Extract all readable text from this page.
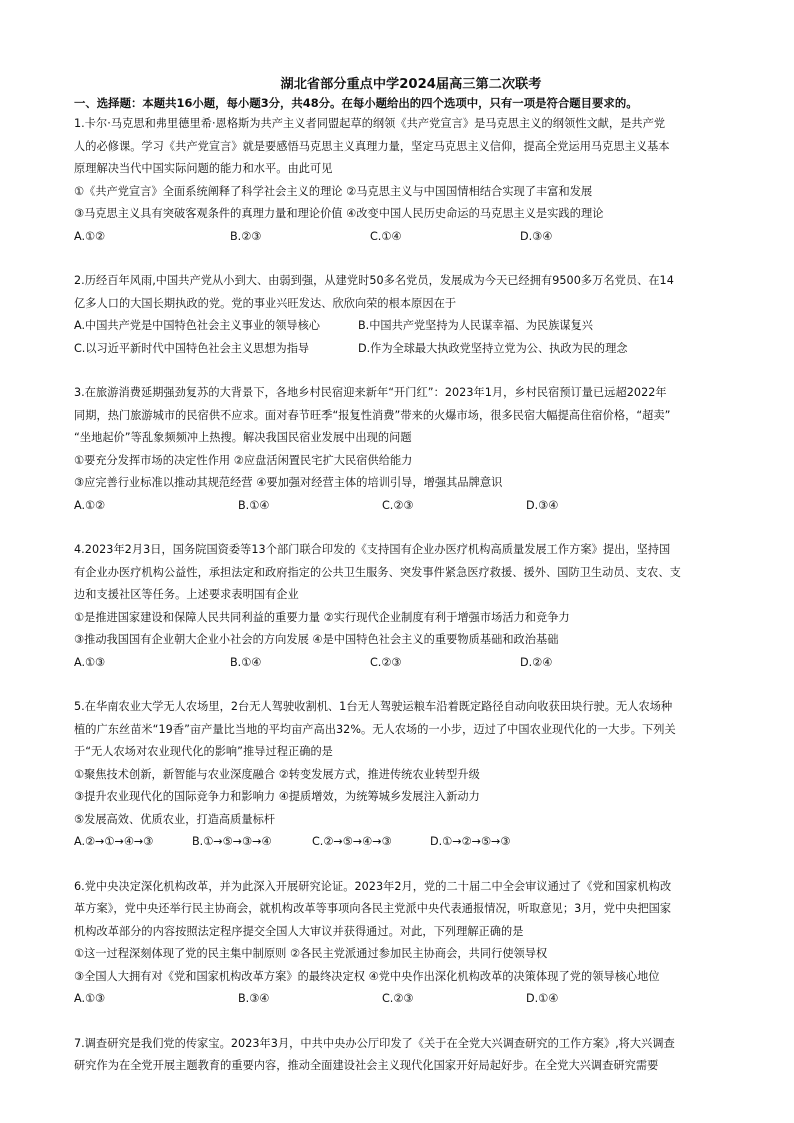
湖北省部分重点中学2024届高三第二次联考

一、选择题：本题共16小题，每小题3分，共48分。在每小题给出的四个选项中，只有一项是符合题目要求的。

1.卡尔·马克思和弗里德里希·恩格斯为共产主义者同盟起草的纲领《共产党宣言》是马克思主义的纲领性文献，是共产党

人的必修课。学习《共产党宣言》就是要感悟马克思主义真理力量，坚定马克思主义信仰，提高全党运用马克思主义基本

原理解决当代中国实际问题的能力和水平。由此可见

①《共产党宣言》全面系统阐释了科学社会主义的理论 ②马克思主义与中国国情相结合实现了丰富和发展

③马克思主义具有突破客观条件的真理力量和理论价值 ④改变中国人民历史命运的马克思主义是实践的理论

A.①②	B.②③	C.①④	D.③④

2.历经百年风雨,中国共产党从小到大、由弱到强，从建党时50多名党员，发展成为今天已经拥有9500多万名党员、在14

亿多人口的大国长期执政的党。党的事业兴旺发达、欣欣向荣的根本原因在于

A.中国共产党是中国特色社会主义事业的领导核心	B.中国共产党坚持为人民谋幸福、为民族谋复兴
C.以习近平新时代中国特色社会主义思想为指导	D.作为全球最大执政党坚持立党为公、执政为民的理念

3.在旅游消费延期强劲复苏的大背景下，各地乡村民宿迎来新年“开门红”：2023年1月，乡村民宿预订量已远超2022年

同期，热门旅游城市的民宿供不应求。面对春节旺季“报复性消费”带来的火爆市场，很多民宿大幅提高住宿价格，“超卖”

“坐地起价”等乱象频频冲上热搜。解决我国民宿业发展中出现的问题

①要充分发挥市场的决定性作用 ②应盘活闲置民宅扩大民宿供给能力

③应完善行业标准以推动其规范经营 ④要加强对经营主体的培训引导，增强其品牌意识

A.①②	B.①④	C.②③	D.③④

4.2023年2月3日，国务院国资委等13个部门联合印发的《支持国有企业办医疗机构高质量发展工作方案》提出，坚持国

有企业办医疗机构公益性，承担法定和政府指定的公共卫生服务、突发事件紧急医疗救援、援外、国防卫生动员、支农、支

边和支援社区等任务。上述要求表明国有企业

①是推进国家建设和保障人民共同利益的重要力量 ②实行现代企业制度有利于增强市场活力和竞争力

③推动我国国有企业朝大企业小社会的方向发展 ④是中国特色社会主义的重要物质基础和政治基础

A.①③	B.①④	C.②③	D.②④

5.在华南农业大学无人农场里，2台无人驾驶收割机、1台无人驾驶运粮车沿着既定路径自动向收获田块行驶。无人农场种

植的广东丝苗米“19香”亩产量比当地的平均亩产高出32%。无人农场的一小步，迈过了中国农业现代化的一大步。下列关

于“无人农场对农业现代化的影响”推导过程正确的是

①聚焦技术创新，新智能与农业深度融合 ②转变发展方式，推进传统农业转型升级

③提升农业现代化的国际竞争力和影响力 ④提质增效，为统筹城乡发展注入新动力

⑤发展高效、优质农业，打造高质量标杆

A.②→①→④→③	B.①→⑤→③→④	C.②→⑤→④→③	D.①→②→⑤→③

6.党中央决定深化机构改革，并为此深入开展研究论证。2023年2月，党的二十届二中全会审议通过了《党和国家机构改

革方案》，党中央还举行民主协商会，就机构改革等事项向各民主党派中央代表通报情况，听取意见；3月，党中央把国家

机构改革部分的内容按照法定程序提交全国人大审议并获得通过。对此，下列理解正确的是

①这一过程深刻体现了党的民主集中制原则 ②各民主党派通过参加民主协商会，共同行使领导权

③全国人大拥有对《党和国家机构改革方案》的最终决定权 ④党中央作出深化机构改革的决策体现了党的领导核心地位

A.①③	B.③④	C.②③	D.①④

7.调查研究是我们党的传家宝。2023年3月，中共中央办公厅印发了《关于在全党大兴调查研究的工作方案》,将大兴调查

研究作为在全党开展主题教育的重要内容，推动全面建设社会主义现代化国家开好局起好步。在全党大兴调查研究需要
